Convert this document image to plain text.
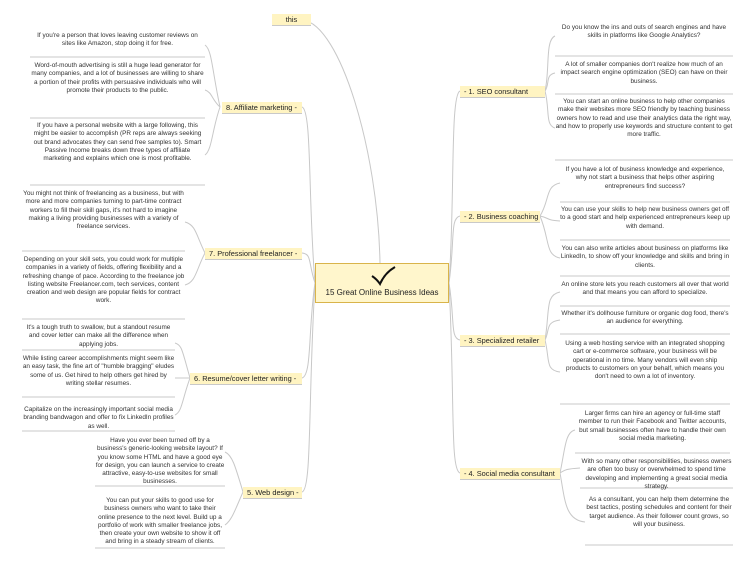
this
15 Great Online Business Ideas
- 1. SEO consultant
- 2. Business coaching
- 3. Specialized retailer
- 4. Social media consultant
8. Affiliate marketing -
7. Professional freelancer -
6. Resume/cover letter writing -
5. Web design -
Do you know the ins and outs of search engines and have skills in platforms like Google Analytics?
A lot of smaller companies don't realize how much of an impact search engine optimization (SEO) can have on their business.
You can start an online business to help other companies make their websites more SEO friendly by teaching business owners how to read and use their analytics data the right way, and how to properly use keywords and structure content to get more traffic.
If you have a lot of business knowledge and experience, why not start a business that helps other aspiring entrepreneurs find success?
You can use your skills to help new business owners get off to a good start and help experienced entrepreneurs keep up with demand.
You can also write articles about business on platforms like LinkedIn, to show off your knowledge and skills and bring in clients.
An online store lets you reach customers all over that world and that means you can afford to specialize.
Whether it's dollhouse furniture or organic dog food, there's an audience for everything.
Using a web hosting service with an integrated shopping cart or e-commerce software, your business will be operational in no time. Many vendors will even ship products to customers on your behalf, which means you don't need to own a lot of inventory.
Larger firms can hire an agency or full-time staff member to run their Facebook and Twitter accounts, but small businesses often have to handle their own social media marketing.
With so many other responsibilities, business owners are often too busy or overwhelmed to spend time developing and implementing a great social media strategy.
As a consultant, you can help them determine the best tactics, posting schedules and content for their target audience. As their follower count grows, so will your business.
If you're a person that loves leaving customer reviews on sites like Amazon, stop doing it for free.
Word-of-mouth advertising is still a huge lead generator for many companies, and a lot of businesses are willing to share a portion of their profits with persuasive individuals who will promote their products to the public.
If you have a personal website with a large following, this might be easier to accomplish (PR reps are always seeking out brand advocates they can send free samples to). Smart Passive Income breaks down three types of affiliate marketing and explains which one is most profitable.
You might not think of freelancing as a business, but with more and more companies turning to part-time contract workers to fill their skill gaps, it's not hard to imagine making a living providing businesses with a variety of freelance services.
Depending on your skill sets, you could work for multiple companies in a variety of fields, offering flexibility and a refreshing change of pace. According to the freelance job listing website Freelancer.com, tech services, content creation and web design are popular fields for contract work.
It's a tough truth to swallow, but a standout resume and cover letter can make all the difference when applying jobs.
While listing career accomplishments might seem like an easy task, the fine art of "humble bragging" eludes some of us. Get hired to help others get hired by writing stellar resumes.
Capitalize on the increasingly important social media branding bandwagon and offer to fix LinkedIn profiles as well.
Have you ever been turned off by a business's generic-looking website layout? If you know some HTML and have a good eye for design, you can launch a service to create attractive, easy-to-use websites for small businesses.
You can put your skills to good use for business owners who want to take their online presence to the next level. Build up a portfolio of work with smaller freelance jobs, then create your own website to show it off and bring in a steady stream of clients.
